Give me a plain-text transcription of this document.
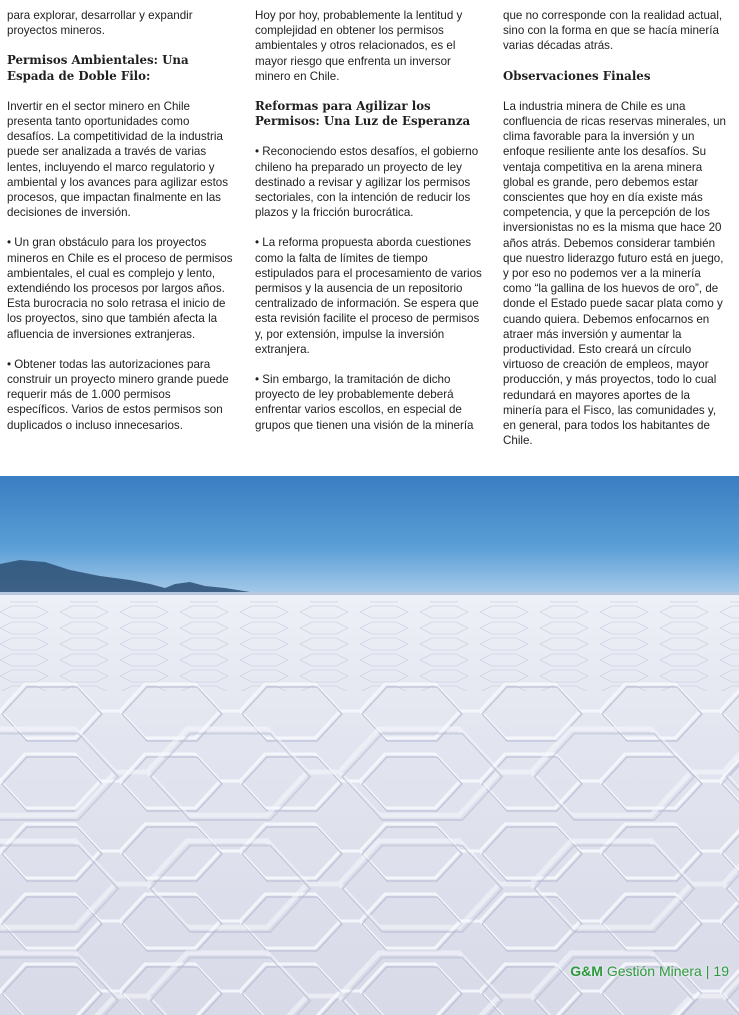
para explorar, desarrollar y expandir proyectos mineros.

Permisos Ambientales: Una Espada de Doble Filo:

Invertir en el sector minero en Chile presenta tanto oportunidades como desafíos. La competitividad de la industria puede ser analizada a través de varias lentes, incluyendo el marco regulatorio y ambiental y los avances para agilizar estos procesos, que impactan finalmente en las decisiones de inversión.

• Un gran obstáculo para los proyectos mineros en Chile es el proceso de permisos ambientales, el cual es complejo y lento, extendiéndo los procesos por largos años. Esta burocracia no solo retrasa el inicio de los proyectos, sino que también afecta la afluencia de inversiones extranjeras.

• Obtener todas las autorizaciones para construir un proyecto minero grande puede requerir más de 1.000 permisos específicos. Varios de estos permisos son duplicados o incluso innecesarios.

Hoy por hoy, probablemente la lentitud y complejidad en obtener los permisos ambientales y otros relacionados, es el mayor riesgo que enfrenta un inversor minero en Chile.

Reformas para Agilizar los Permisos: Una Luz de Esperanza

• Reconociendo estos desafíos, el gobierno chileno ha preparado un proyecto de ley destinado a revisar y agilizar los permisos sectoriales, con la intención de reducir los plazos y la fricción burocrática.

• La reforma propuesta aborda cuestiones como la falta de límites de tiempo estipulados para el procesamiento de varios permisos y la ausencia de un repositorio centralizado de información. Se espera que esta revisión facilite el proceso de permisos y, por extensión, impulse la inversión extranjera.

• Sin embargo, la tramitación de dicho proyecto de ley probablemente deberá enfrentar varios escollos, en especial de grupos que tienen una visión de la minería

que no corresponde con la realidad actual, sino con la forma en que se hacía minería varias décadas atrás.

Observaciones Finales

La industria minera de Chile es una confluencia de ricas reservas minerales, un clima favorable para la inversión y un enfoque resiliente ante los desafíos. Su ventaja competitiva en la arena minera global es grande, pero debemos estar conscientes que hoy en día existe más competencia, y que la percepción de los inversionistas no es la misma que hace 20 años atrás. Debemos considerar también que nuestro liderazgo futuro está en juego, y por eso no podemos ver a la minería como “la gallina de los huevos de oro”, de donde el Estado puede sacar plata como y cuando quiera. Debemos enfocarnos en atraer más inversión y aumentar la productividad. Esto creará un círculo virtuoso de creación de empleos, mayor producción, y más proyectos, todo lo cual redundará en mayores aportes de la minería para el Fisco, las comunidades y, en general, para todos los habitantes de Chile.

G&M Gestión Minera | 19
